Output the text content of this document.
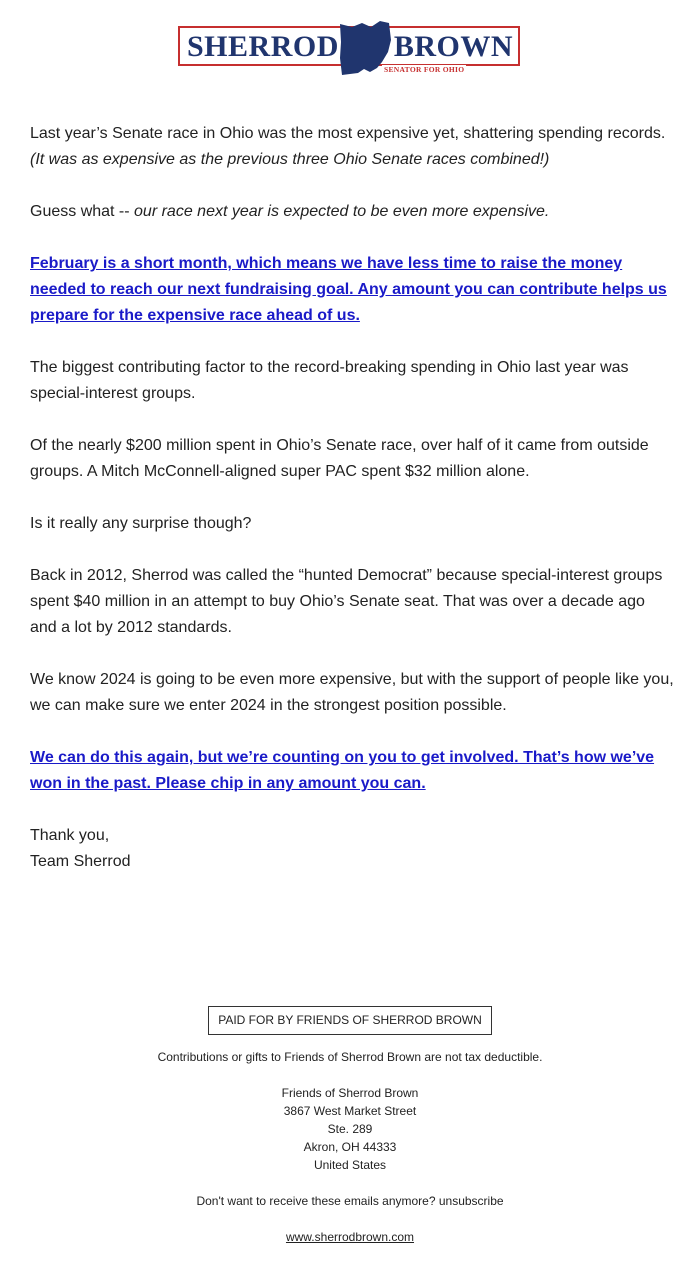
SHERROD BROWN
SENATOR FOR OHIO

Last year’s Senate race in Ohio was the most expensive yet, shattering spending records. (It was as expensive as the previous three Ohio Senate races combined!)

Guess what -- our race next year is expected to be even more expensive.

February is a short month, which means we have less time to raise the money needed to reach our next fundraising goal. Any amount you can contribute helps us prepare for the expensive race ahead of us.

The biggest contributing factor to the record-breaking spending in Ohio last year was special-interest groups.

Of the nearly $200 million spent in Ohio’s Senate race, over half of it came from outside groups. A Mitch McConnell-aligned super PAC spent $32 million alone.

Is it really any surprise though?

Back in 2012, Sherrod was called the “hunted Democrat” because special-interest groups spent $40 million in an attempt to buy Ohio’s Senate seat. That was over a decade ago and a lot by 2012 standards.

We know 2024 is going to be even more expensive, but with the support of people like you, we can make sure we enter 2024 in the strongest position possible.

We can do this again, but we’re counting on you to get involved. That’s how we’ve won in the past. Please chip in any amount you can.

Thank you,
Team Sherrod

PAID FOR BY FRIENDS OF SHERROD BROWN

Contributions or gifts to Friends of Sherrod Brown are not tax deductible.

Friends of Sherrod Brown

3867 West Market Street

Ste. 289

Akron, OH 44333

United States

Don't want to receive these emails anymore? unsubscribe

www.sherrodbrown.com
